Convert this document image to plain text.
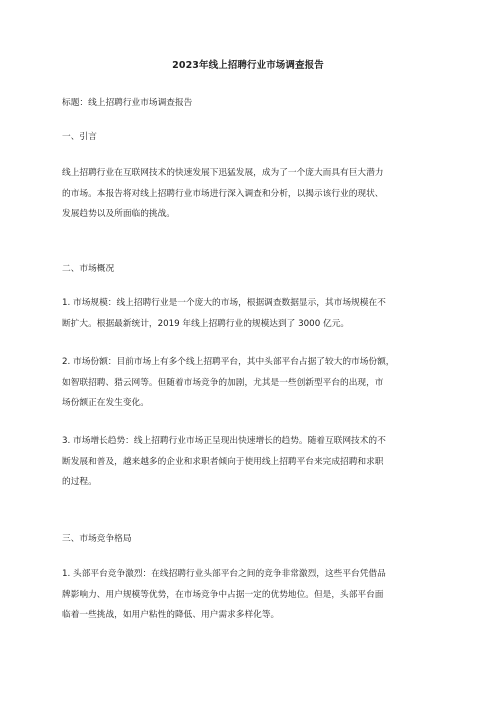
2023年线上招聘行业市场调查报告

标题：线上招聘行业市场调查报告

一、引言

线上招聘行业在互联网技术的快速发展下迅猛发展，成为了一个庞大而具有巨大潜力
的市场。本报告将对线上招聘行业市场进行深入调查和分析，以揭示该行业的现状、
发展趋势以及所面临的挑战。

二、市场概况

1. 市场规模：线上招聘行业是一个庞大的市场，根据调查数据显示，其市场规模在不
断扩大。根据最新统计，2019 年线上招聘行业的规模达到了 3000 亿元。
2. 市场份额：目前市场上有多个线上招聘平台，其中头部平台占据了较大的市场份额，
如智联招聘、猎云网等。但随着市场竞争的加剧，尤其是一些创新型平台的出现，市
场份额正在发生变化。
3. 市场增长趋势：线上招聘行业市场正呈现出快速增长的趋势。随着互联网技术的不
断发展和普及，越来越多的企业和求职者倾向于使用线上招聘平台来完成招聘和求职
的过程。

三、市场竞争格局

1. 头部平台竞争激烈：在线招聘行业头部平台之间的竞争非常激烈，这些平台凭借品
牌影响力、用户规模等优势，在市场竞争中占据一定的优势地位。但是，头部平台面
临着一些挑战，如用户粘性的降低、用户需求多样化等。
